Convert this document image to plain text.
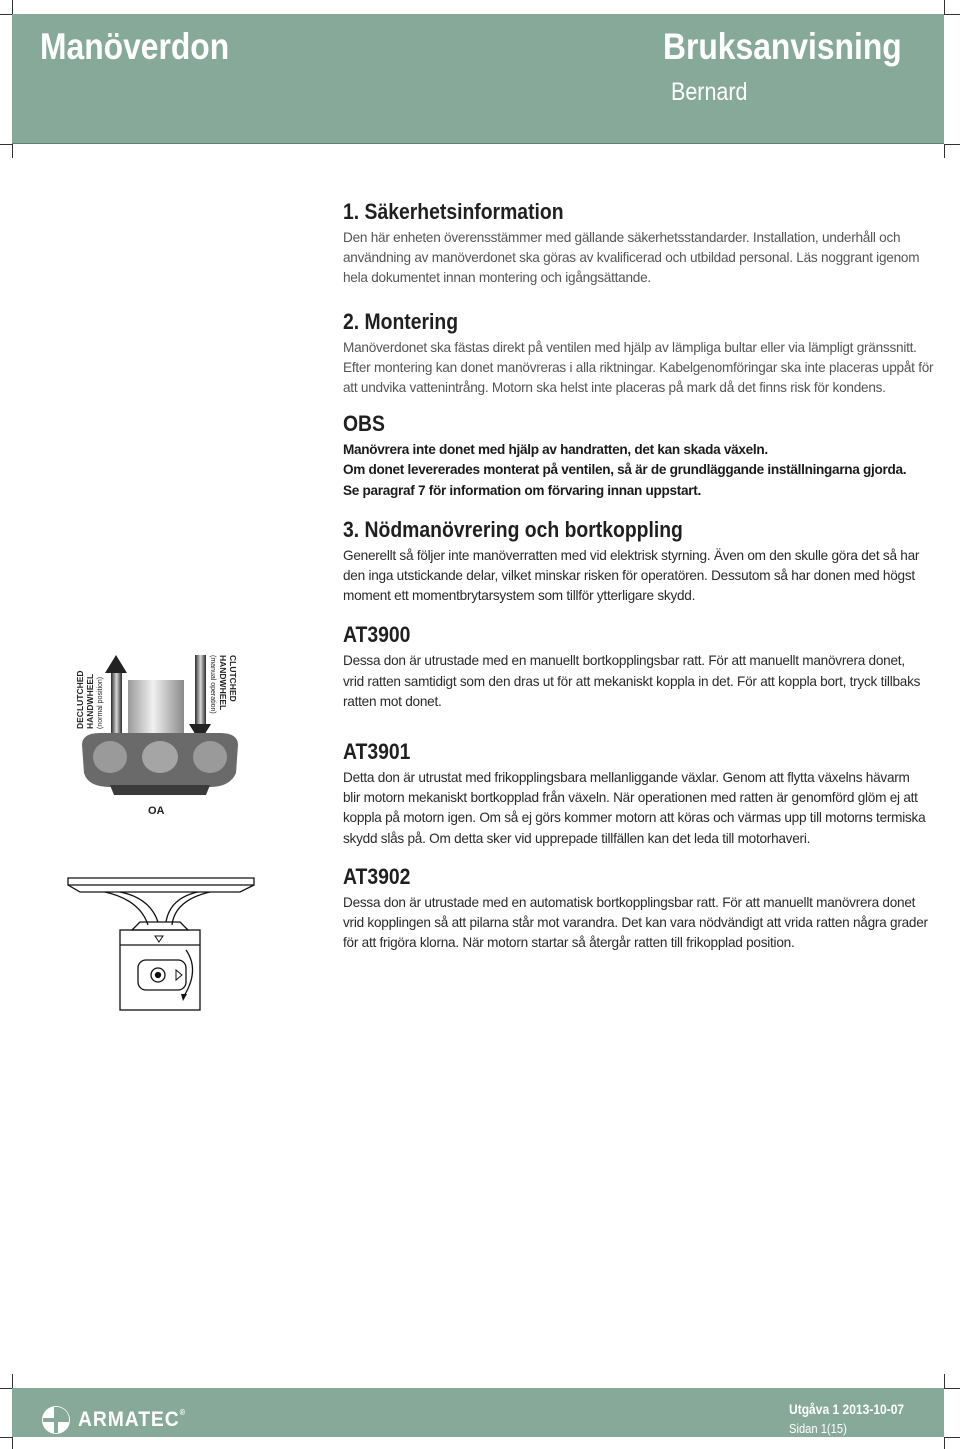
Manöverdon	Bruksanvisning
Bernard
1. Säkerhetsinformation

Den här enheten överensstämmer med gällande säkerhetsstandarder. Installation, underhåll och

användning av manöverdonet ska göras av kvalificerad och utbildad personal. Läs noggrant igenom

hela dokumentet innan montering och igångsättande.

2. Montering

Manöverdonet ska fästas direkt på ventilen med hjälp av lämpliga bultar eller via lämpligt gränssnitt.

Efter montering kan donet manövreras i alla riktningar. Kabelgenomföringar ska inte placeras uppåt för

att undvika vattenintrång. Motorn ska helst inte placeras på mark då det finns risk för kondens.

OBS

Manövrera inte donet med hjälp av handratten, det kan skada växeln.

Om donet levererades monterat på ventilen, så är de grundläggande inställningarna gjorda.

Se paragraf 7 för information om förvaring innan uppstart.

3. Nödmanövrering och bortkoppling

Generellt så följer inte manöverratten med vid elektrisk styrning. Även om den skulle göra det så har

den inga utstickande delar, vilket minskar risken för operatören. Dessutom så har donen med högst

moment ett momentbrytarsystem som tillför ytterligare skydd.

AT3900

Dessa don är utrustade med en manuellt bortkopplingsbar ratt. För att manuellt manövrera donet,

vrid ratten samtidigt som den dras ut för att mekaniskt koppla in det. För att koppla bort, tryck tillbaks

ratten mot donet.

AT3901

Detta don är utrustat med frikopplingsbara mellanliggande växlar. Genom att flytta växelns hävarm

blir motorn mekaniskt bortkopplad från växeln. När operationen med ratten är genomförd glöm ej att

koppla på motorn igen. Om så ej görs kommer motorn att köras och värmas upp till motorns termiska

skydd slås på. Om detta sker vid upprepade tillfällen kan det leda till motorhaveri.

AT3902

Dessa don är utrustade med en automatisk bortkopplingsbar ratt. För att manuellt manövrera donet

vrid kopplingen så att pilarna står mot varandra. Det kan vara nödvändigt att vrida ratten några grader

för att frigöra klorna. När motorn startar så återgår ratten till frikopplad position.

DECLUTCHED HANDWHEEL (normal position)	CLUTCHED
HANDWHEEL
(manual operation)
OA
ARMATEC®	Utgåva 1 2013-10-07
Sidan 1(15)
